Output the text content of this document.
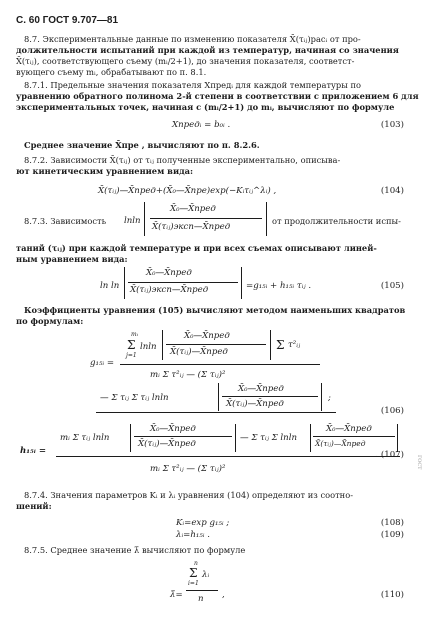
С. 60 ГОСТ 9.707—81
8.7. Экспериментальные данные по изменению показателя X̄(τᵢⱼ)расᵢ от про-
должительности испытаний при каждой из температур, начиная со значения
X̄(τᵢⱼ), соответствующего съему (mᵢ/2+1), до значения показателя, соответст-
вующего съему mᵢ, обрабатывают по п. 8.1.
8.7.1. Предельные значения показателя Xпредᵢ для каждой температуры по
уравнению обратного полинома 2-й степени в соответствии с приложением 6 для
экспериментальных точек, начиная с (mᵢ/2+1) до mᵢ, вычисляют по формуле
Xпредᵢ = b₀ᵢ .	(103)
Среднее значение X̄пре , вычисляют по п. 8.2.6.
8.7.2. Зависимости X̄(τᵢⱼ) от τᵢⱼ полученные экспериментально, описыва-
ют кинетическим уравнением вида:
X̄(τᵢⱼ)—X̄пред+(X̄₀—X̄пре)exp(−Kᵢτᵢⱼ^λᵢ) ,	(104)
8.7.3. Зависимость lnln
X̄₀—X̄пред
X̄(τᵢⱼ)эксп—X̄пред
от продолжительности испы-
таний (τᵢⱼ) при каждой температуре и при всех съемах описывают линей-
ным уравнением вида:
ln ln
X̄₀—X̄пред
X̄(τᵢⱼ)эксп—X̄пред	=g₁₅ᵢ + h₁₅ᵢ τᵢⱼ .	(105)
Коэффициенты уравнения (105) вычисляют методом наименьших квадратов
по формулам:
g₁₅ᵢ =
mᵢ
Σ
j=1
lnln
X̄₀—X̄пред
X̄(τᵢⱼ)—X̄пред	Σ τ²ᵢⱼ
mᵢ Σ τ²ᵢⱼ — (Σ τᵢⱼ)²
— Σ τᵢⱼ Σ τᵢⱼ lnln
X̄₀—X̄пред
X̄(τᵢⱼ)—X̄пред
;
(106)
h₁₅ᵢ =
mᵢ Σ τᵢⱼ lnln
X̄₀—X̄пред
X̄(τᵢⱼ)—X̄пред
— Σ τᵢⱼ Σ lnln
X̄₀—X̄пред
X̄(τᵢⱼ)—X̄пред
mᵢ Σ τ²ᵢⱼ — (Σ τᵢⱼ)²
. (107)
8.7.4. Значения параметров Kᵢ и λᵢ уравнения (104) определяют из соотно-
шений:
Kᵢ=exp g₁₅ᵢ ;	(108)
λᵢ=h₁₅ᵢ .	(109)
8.7.5. Среднее значение λ̄ вычисляют по формуле
λ̄=
n
Σ
i=1
λᵢ
n ,	(110)
ГОСТ
